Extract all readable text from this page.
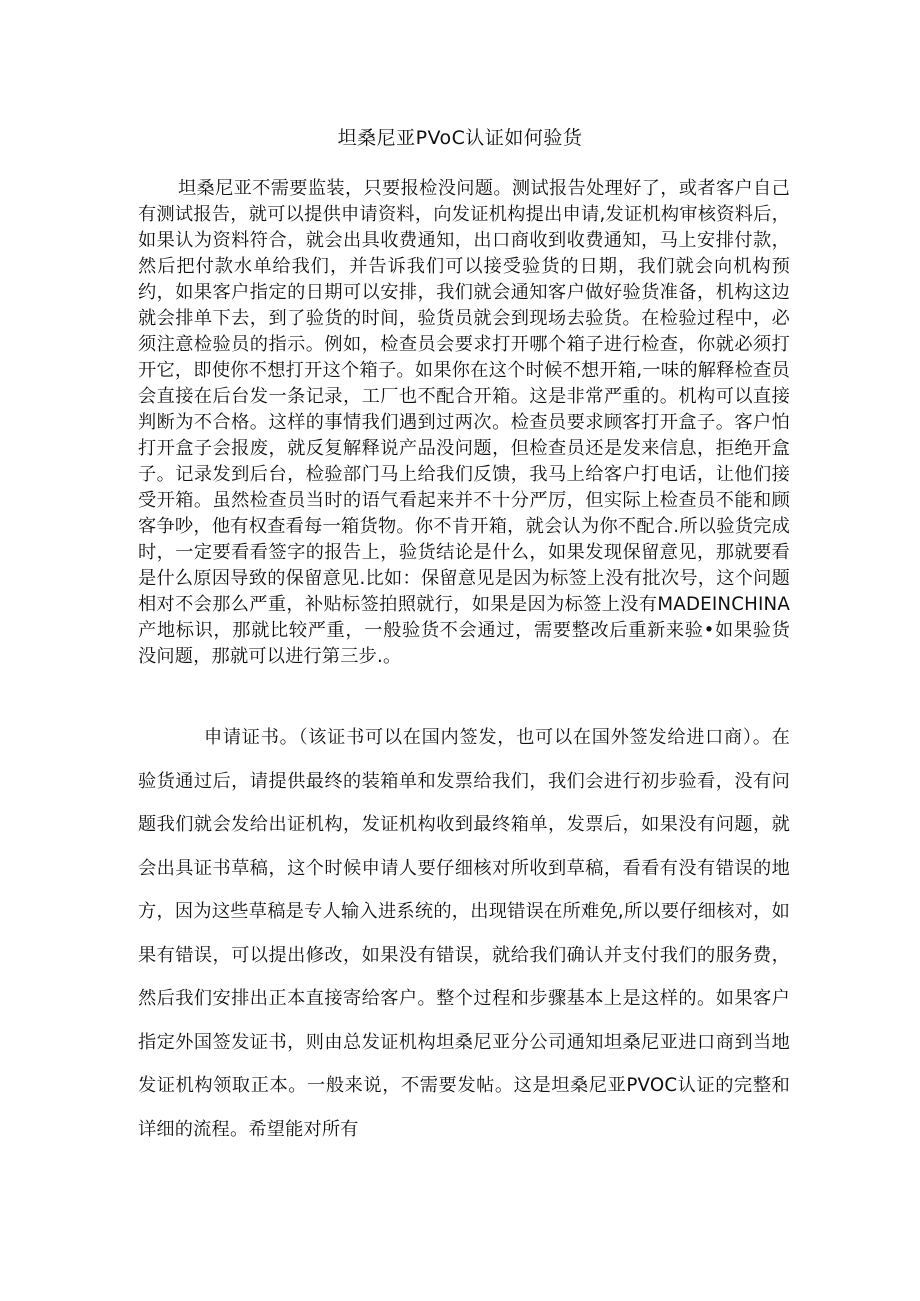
坦桑尼亚PVoC认证如何验货

坦桑尼亚不需要监装，只要报检没问题。测试报告处理好了，或者客户自己有测试报告，就可以提供申请资料，向发证机构提出申请,发证机构审核资料后，如果认为资料符合，就会出具收费通知，出口商收到收费通知，马上安排付款，然后把付款水单给我们，并告诉我们可以接受验货的日期，我们就会向机构预约，如果客户指定的日期可以安排，我们就会通知客户做好验货准备，机构这边就会排单下去，到了验货的时间，验货员就会到现场去验货。在检验过程中，必须注意检验员的指示。例如，检查员会要求打开哪个箱子进行检查，你就必须打开它，即使你不想打开这个箱子。如果你在这个时候不想开箱,一味的解释检查员会直接在后台发一条记录，工厂也不配合开箱。这是非常严重的。机构可以直接判断为不合格。这样的事情我们遇到过两次。检查员要求顾客打开盒子。客户怕打开盒子会报废，就反复解释说产品没问题，但检查员还是发来信息，拒绝开盒子。记录发到后台，检验部门马上给我们反馈，我马上给客户打电话，让他们接受开箱。虽然检查员当时的语气看起来并不十分严厉，但实际上检查员不能和顾客争吵，他有权查看每一箱货物。你不肯开箱，就会认为你不配合.所以验货完成时，一定要看看签字的报告上，验货结论是什么，如果发现保留意见，那就要看是什么原因导致的保留意见.比如：保留意见是因为标签上没有批次号，这个问题相对不会那么严重，补贴标签拍照就行，如果是因为标签上没有MADEINCHINA产地标识，那就比较严重，一般验货不会通过，需要整改后重新来验•如果验货没问题，那就可以进行第三步.。

申请证书。（该证书可以在国内签发，也可以在国外签发给进口商）。在验货通过后，请提供最终的装箱单和发票给我们，我们会进行初步验看，没有问题我们就会发给出证机构，发证机构收到最终箱单，发票后，如果没有问题，就会出具证书草稿，这个时候申请人要仔细核对所收到草稿，看看有没有错误的地方，因为这些草稿是专人输入进系统的，出现错误在所难免,所以要仔细核对，如果有错误，可以提出修改，如果没有错误，就给我们确认并支付我们的服务费，然后我们安排出正本直接寄给客户。整个过程和步骤基本上是这样的。如果客户指定外国签发证书，则由总发证机构坦桑尼亚分公司通知坦桑尼亚进口商到当地发证机构领取正本。一般来说，不需要发帖。这是坦桑尼亚PVOC认证的完整和详细的流程。希望能对所有
